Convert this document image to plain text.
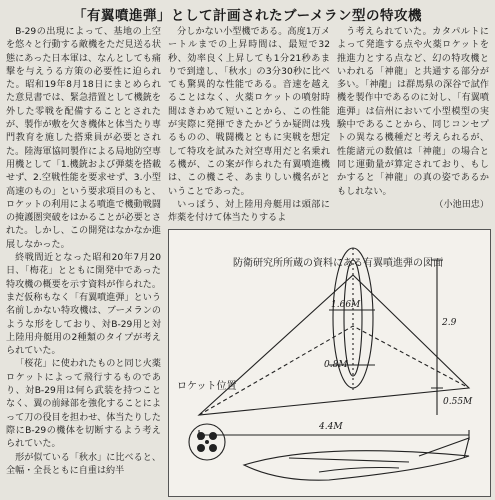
「有翼噴進弾」として計画されたブーメラン型の特攻機

B-29の出現によって、基地の上空を悠々と行動する敵機をただ見送る状態にあった日本軍は、なんとしても痛撃を与えうる方策の必要性に迫られた。昭和19年8月18日にまとめられた意見書では、緊急措置として機銃を外した零戦を配備することとされたが、製作が敷を欠き機体と体当たり専門教育を施した搭乗員が必要とされた。陸海軍協同製作による局地防空専用機として「1.機銃および弾薬を搭載せず、2.空戦性能を要求せず、3.小型高速のもの」という要求項目のもと、ロケットの利用による噴進で機動戦闘の掩護圏突破をはかることが必要とされた。しかし、この開発はなかなか進展しなかった。

終戦間近となった昭和20年7月20日、「梅花」とともに開発中であった特攻機の概要を示す資料が作られた。まだ仮称もなく「有翼噴進弾」という名前しかない特攻機は、ブーメランのような形をしており、対B-29用と対上陸用舟艇用の2種類のタイプが考えられていた。

「桜花」に使われたものと同じ火薬ロケットによって飛行するものであり、対B-29用は何ら武装を持つことなく、翼の前縁部を強化することによって刀の役目を担わせ、体当たりした際にB-29の機体を切断するよう考えられていた。

形が似ている「秋水」に比べると、全幅・全長ともに自重は約半

分しかない小型機である。高度1万メートルまでの上昇時間は、最短で32秒、効率良く上昇しても1分21秒あまりで到達し、「秋水」の3分30秒に比べても驚異的な性能である。音速を越えることはなく、火薬ロケットの噴射時間はきわめて短いことから、この性能が実際に発揮できたかどうか疑問は残るものの、戦闘機とともに実戦を想定して特攻を試みた対空専用だと名乗れる機が、この案が作られた有翼噴進機は、この機こそ、あまりしい機名がということであった。

いっぽう、対上陸用舟艇用は頭部に炸薬を付けて体当たりするよ

う考えられていた。カタパルトによって発進する点や火薬ロケットを推進力とする点など、幻の特攻機といわれる「神龍」と共通する部分が多い。「神龍」は群馬県の深谷で試作機を製作中であるのに対し、「有翼噴進弾」は信州において小型模型の実験中であることから、同じコンセプトの異なる機種だと考えられるが、性能諸元の数値は「神龍」の場合と同じ運動量が算定されており、もしかすると「神龍」の真の姿であるかもしれない。

（小池田忠）

防衛研究所所蔵の資料にある有翼噴進弾の図面
ロケット位置
4.4M
2.9
0.8M
1.66M
0.55M
